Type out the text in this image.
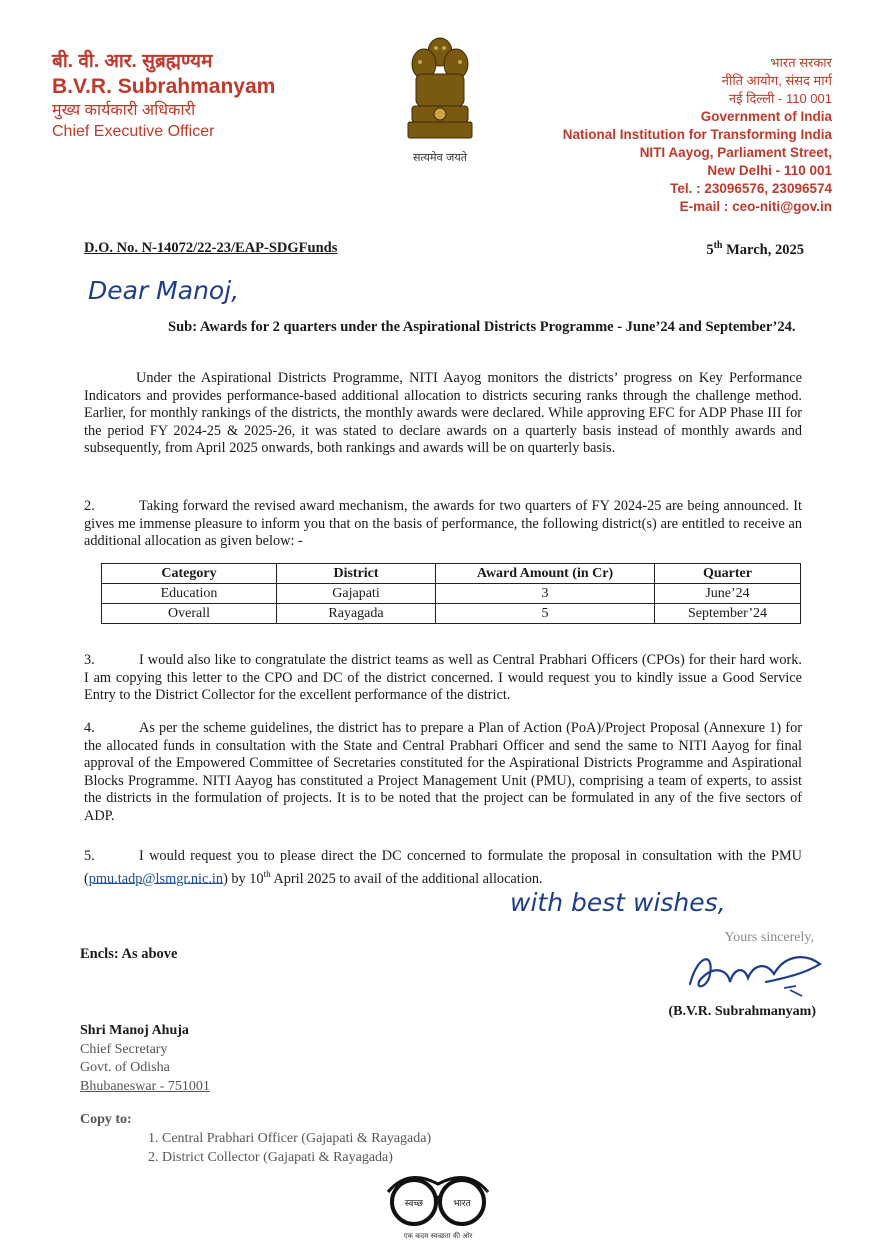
बी. वी. आर. सुब्रह्मण्यम
B.V.R. Subrahmanyam
मुख्य कार्यकारी अधिकारी
Chief Executive Officer
सत्यमेव जयते
भारत सरकार
नीति आयोग, संसद मार्ग
नई दिल्ली - 110 001
Government of India
National Institution for Transforming India
NITI Aayog, Parliament Street,
New Delhi - 110 001
Tel. : 23096576, 23096574
E-mail : ceo-niti@gov.in
D.O. No. N-14072/22-23/EAP-SDGFunds	5th March, 2025
Dear Manoj,
Sub: Awards for 2 quarters under the Aspirational Districts Programme - June’24 and September’24.
Under the Aspirational Districts Programme, NITI Aayog monitors the districts’ progress on Key Performance Indicators and provides performance-based additional allocation to districts securing ranks through the challenge method. Earlier, for monthly rankings of the districts, the monthly awards were declared. While approving EFC for ADP Phase III for the period FY 2024-25 & 2025-26, it was stated to declare awards on a quarterly basis instead of monthly awards and subsequently, from April 2025 onwards, both rankings and awards will be on quarterly basis.
2.	Taking forward the revised award mechanism, the awards for two quarters of FY 2024-25 are being announced. It gives me immense pleasure to inform you that on the basis of performance, the following district(s) are entitled to receive an additional allocation as given below: -
Category	District	Award Amount (in Cr)	Quarter
Education	Gajapati	3	June’24
Overall	Rayagada	5	September’24
3.	I would also like to congratulate the district teams as well as Central Prabhari Officers (CPOs) for their hard work. I am copying this letter to the CPO and DC of the district concerned. I would request you to kindly issue a Good Service Entry to the District Collector for the excellent performance of the district.
4.	As per the scheme guidelines, the district has to prepare a Plan of Action (PoA)/Project Proposal (Annexure 1) for the allocated funds in consultation with the State and Central Prabhari Officer and send the same to NITI Aayog for final approval of the Empowered Committee of Secretaries constituted for the Aspirational Districts Programme and Aspirational Blocks Programme. NITI Aayog has constituted a Project Management Unit (PMU), comprising a team of experts, to assist the districts in the formulation of projects. It is to be noted that the project can be formulated in any of the five sectors of ADP.
5.	I would request you to please direct the DC concerned to formulate the proposal in consultation with the PMU (pmu.tadp@lsmgr.nic.in) by 10th April 2025 to avail of the additional allocation.
with best wishes,
Yours sincerely,
(B.V.R. Subrahmanyam)
Encls: As above
Shri Manoj Ahuja
Chief Secretary
Govt. of Odisha
Bhubaneswar - 751001
Copy to:
1. Central Prabhari Officer (Gajapati & Rayagada)
2. District Collector (Gajapati & Rayagada)
स्वच्छ	भारत
एक कदम स्वच्छता की ओर
